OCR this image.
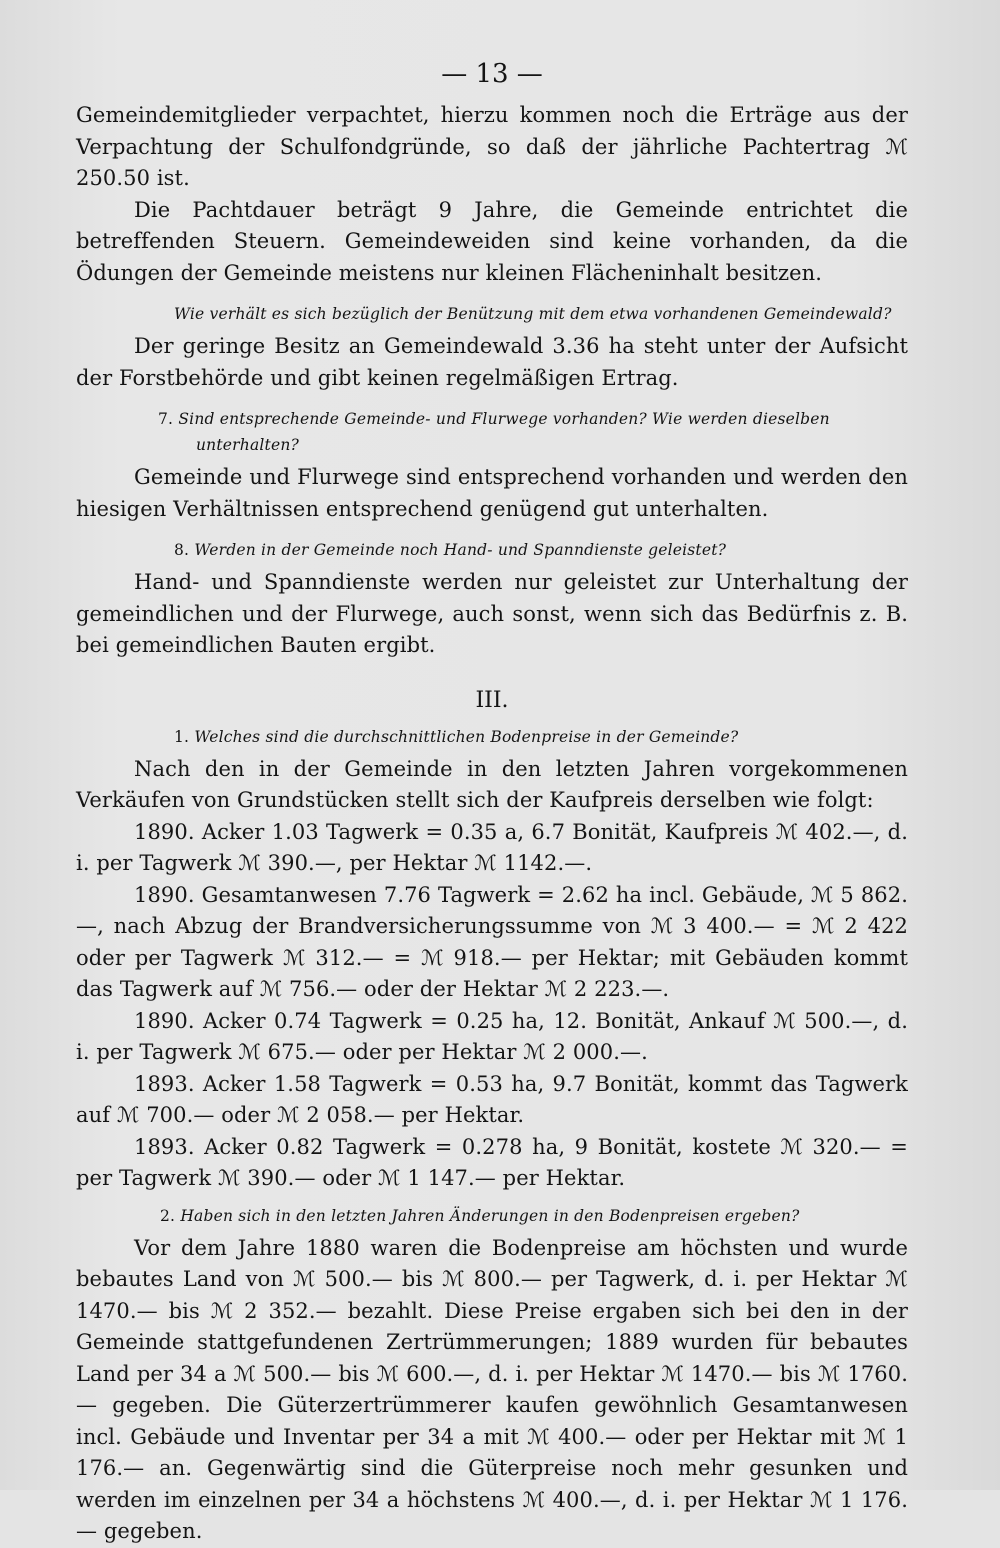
— 13 —

Gemeindemitglieder verpachtet, hierzu kommen noch die Erträge aus der Verpachtung der Schulfondgründe, so daß der jährliche Pachtertrag ℳ 250.50 ist.

Die Pachtdauer beträgt 9 Jahre, die Gemeinde entrichtet die betreffenden Steuern. Gemeindeweiden sind keine vorhanden, da die Ödungen der Gemeinde meistens nur kleinen Flächeninhalt besitzen.

Wie verhält es sich bezüglich der Benützung mit dem etwa vorhandenen Gemeindewald?

Der geringe Besitz an Gemeindewald 3.36 ha steht unter der Aufsicht der Forstbehörde und gibt keinen regelmäßigen Ertrag.

7. Sind entsprechende Gemeinde- und Flurwege vorhanden? Wie werden dieselben unterhalten?

Gemeinde und Flurwege sind entsprechend vorhanden und werden den hiesigen Verhältnissen entsprechend genügend gut unterhalten.

8. Werden in der Gemeinde noch Hand- und Spanndienste geleistet?

Hand- und Spanndienste werden nur geleistet zur Unterhaltung der gemeindlichen und der Flurwege, auch sonst, wenn sich das Bedürfnis z. B. bei gemeindlichen Bauten ergibt.

III.

1. Welches sind die durchschnittlichen Bodenpreise in der Gemeinde?

Nach den in der Gemeinde in den letzten Jahren vorgekommenen Verkäufen von Grundstücken stellt sich der Kaufpreis derselben wie folgt:

1890. Acker 1.03 Tagwerk = 0.35 a, 6.7 Bonität, Kaufpreis ℳ 402.—, d. i. per Tagwerk ℳ 390.—, per Hektar ℳ 1142.—.

1890. Gesamtanwesen 7.76 Tagwerk = 2.62 ha incl. Gebäude, ℳ 5 862.—, nach Abzug der Brandversicherungssumme von ℳ 3 400.— = ℳ 2 422 oder per Tagwerk ℳ 312.— = ℳ 918.— per Hektar; mit Gebäuden kommt das Tagwerk auf ℳ 756.— oder der Hektar ℳ 2 223.—.

1890. Acker 0.74 Tagwerk = 0.25 ha, 12. Bonität, Ankauf ℳ 500.—, d. i. per Tagwerk ℳ 675.— oder per Hektar ℳ 2 000.—.

1893. Acker 1.58 Tagwerk = 0.53 ha, 9.7 Bonität, kommt das Tagwerk auf ℳ 700.— oder ℳ 2 058.— per Hektar.

1893. Acker 0.82 Tagwerk = 0.278 ha, 9 Bonität, kostete ℳ 320.— = per Tagwerk ℳ 390.— oder ℳ 1 147.— per Hektar.

2. Haben sich in den letzten Jahren Änderungen in den Bodenpreisen ergeben?

Vor dem Jahre 1880 waren die Bodenpreise am höchsten und wurde bebautes Land von ℳ 500.— bis ℳ 800.— per Tagwerk, d. i. per Hektar ℳ 1470.— bis ℳ 2 352.— bezahlt. Diese Preise ergaben sich bei den in der Gemeinde stattgefundenen Zertrümmerungen; 1889 wurden für bebautes Land per 34 a ℳ 500.— bis ℳ 600.—, d. i. per Hektar ℳ 1470.— bis ℳ 1760.— gegeben. Die Güterzertrümmerer kaufen gewöhnlich Gesamtanwesen incl. Gebäude und Inventar per 34 a mit ℳ 400.— oder per Hektar mit ℳ 1 176.— an. Gegenwärtig sind die Güterpreise noch mehr gesunken und werden im einzelnen per 34 a höchstens ℳ 400.—, d. i. per Hektar ℳ 1 176.— gegeben.
